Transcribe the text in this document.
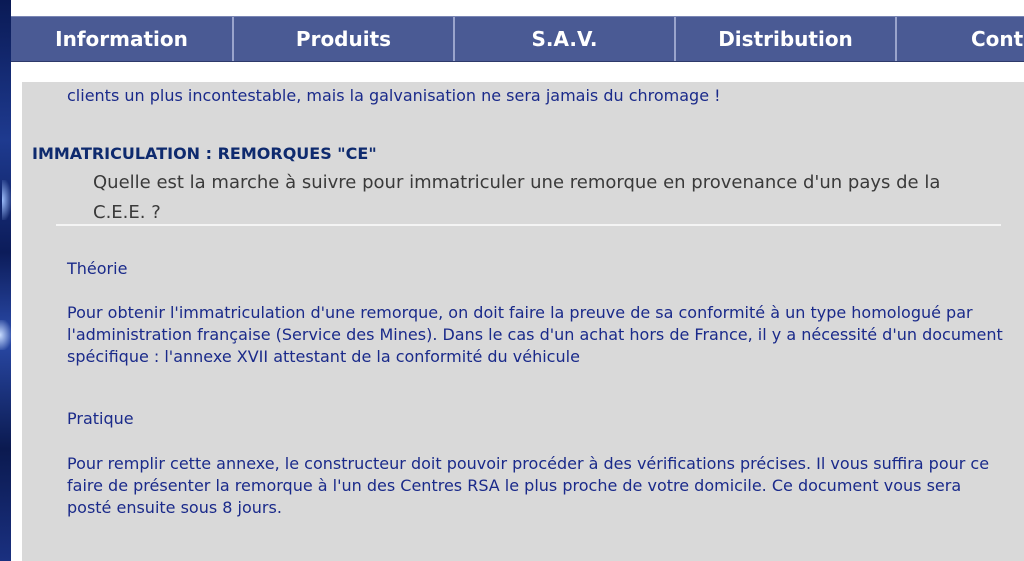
Information	Produits	S.A.V.	Distribution	Cont
clients un plus incontestable, mais la galvanisation ne sera jamais du chromage !
IMMATRICULATION : REMORQUES "CE"
Quelle est la marche à suivre pour immatriculer une remorque en provenance d'un pays de la C.E.E. ?
Théorie
Pour obtenir l'immatriculation d'une remorque, on doit faire la preuve de sa conformité à un type homologué par l'administration française (Service des Mines). Dans le cas d'un achat hors de France, il y a nécessité d'un document spécifique : l'annexe XVII attestant de la conformité du véhicule
Pratique
Pour remplir cette annexe, le constructeur doit pouvoir procéder à des vérifications précises. Il vous suffira pour ce faire de présenter la remorque à l'un des Centres RSA le plus proche de votre domicile. Ce document vous sera posté ensuite sous 8 jours.
